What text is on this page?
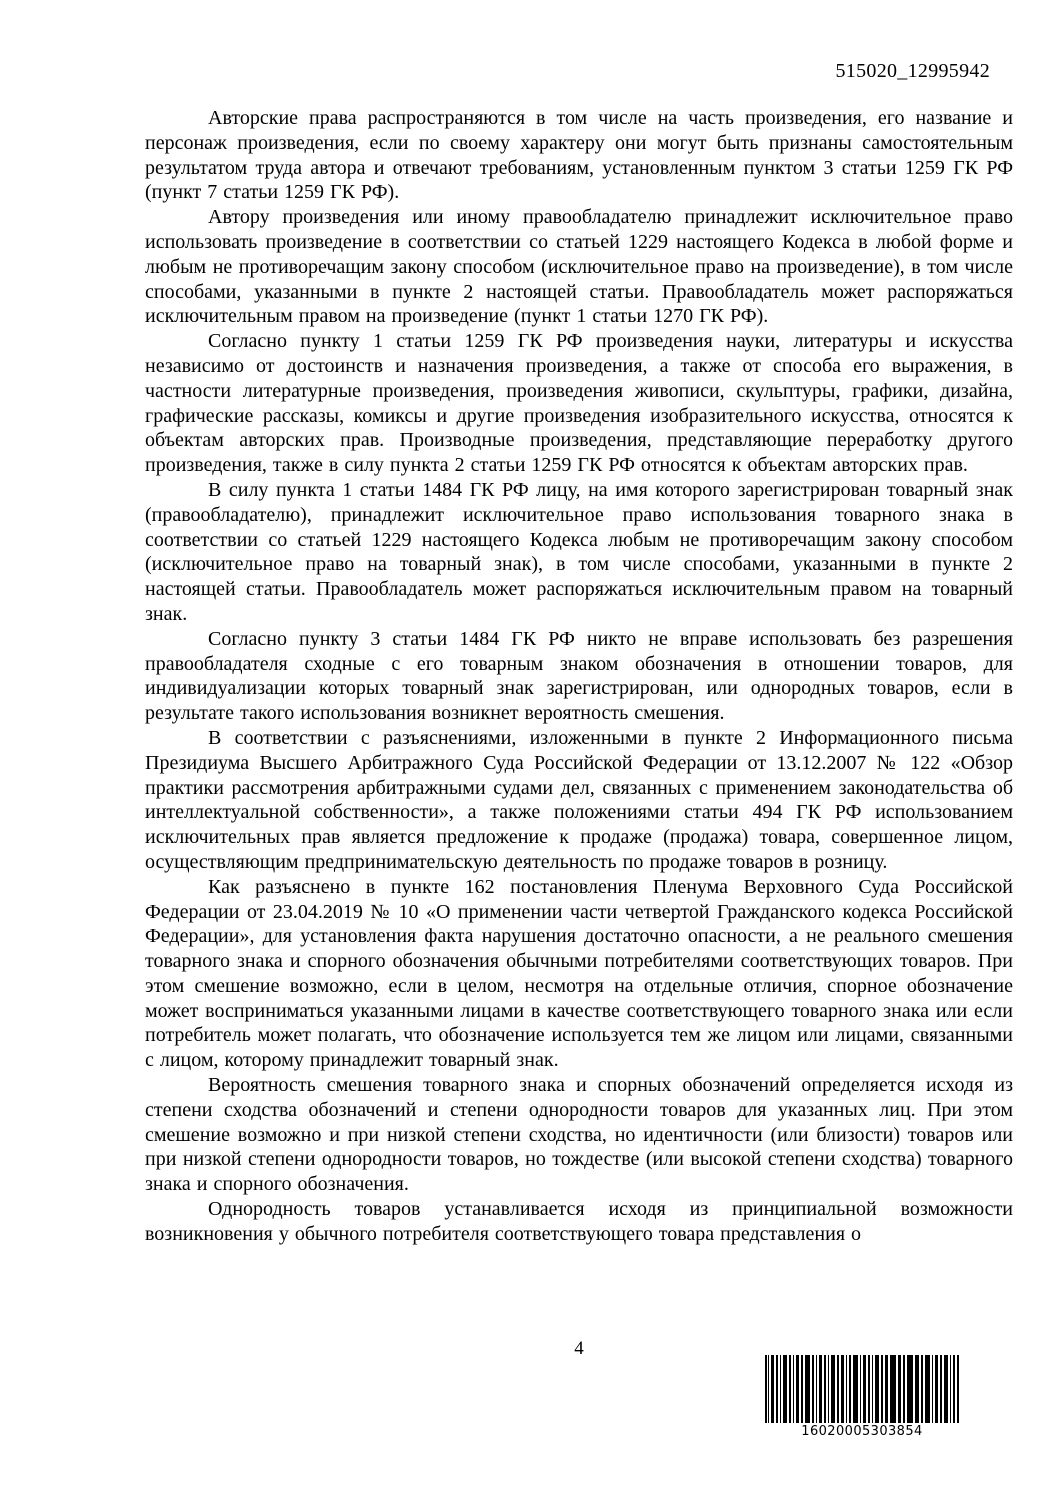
515020_12995942

Авторские права распространяются в том числе на часть произведения, его название и персонаж произведения, если по своему характеру они могут быть признаны самостоятельным результатом труда автора и отвечают требованиям, установленным пунктом 3 статьи 1259 ГК РФ (пункт 7 статьи 1259 ГК РФ).

Автору произведения или иному правообладателю принадлежит исключительное право использовать произведение в соответствии со статьей 1229 настоящего Кодекса в любой форме и любым не противоречащим закону способом (исключительное право на произведение), в том числе способами, указанными в пункте 2 настоящей статьи. Правообладатель может распоряжаться исключительным правом на произведение (пункт 1 статьи 1270 ГК РФ).

Согласно пункту 1 статьи 1259 ГК РФ произведения науки, литературы и искусства независимо от достоинств и назначения произведения, а также от способа его выражения, в частности литературные произведения, произведения живописи, скульптуры, графики, дизайна, графические рассказы, комиксы и другие произведения изобразительного искусства, относятся к объектам авторских прав. Производные произведения, представляющие переработку другого произведения, также в силу пункта 2 статьи 1259 ГК РФ относятся к объектам авторских прав.

В силу пункта 1 статьи 1484 ГК РФ лицу, на имя которого зарегистрирован товарный знак (правообладателю), принадлежит исключительное право использования товарного знака в соответствии со статьей 1229 настоящего Кодекса любым не противоречащим закону способом (исключительное право на товарный знак), в том числе способами, указанными в пункте 2 настоящей статьи. Правообладатель может распоряжаться исключительным правом на товарный знак.

Согласно пункту 3 статьи 1484 ГК РФ никто не вправе использовать без разрешения правообладателя сходные с его товарным знаком обозначения в отношении товаров, для индивидуализации которых товарный знак зарегистрирован, или однородных товаров, если в результате такого использования возникнет вероятность смешения.

В соответствии с разъяснениями, изложенными в пункте 2 Информационного письма Президиума Высшего Арбитражного Суда Российской Федерации от 13.12.2007 № 122 «Обзор практики рассмотрения арбитражными судами дел, связанных с применением законодательства об интеллектуальной собственности», а также положениями статьи 494 ГК РФ использованием исключительных прав является предложение к продаже (продажа) товара, совершенное лицом, осуществляющим предпринимательскую деятельность по продаже товаров в розницу.

Как разъяснено в пункте 162 постановления Пленума Верховного Суда Российской Федерации от 23.04.2019 № 10 «О применении части четвертой Гражданского кодекса Российской Федерации», для установления факта нарушения достаточно опасности, а не реального смешения товарного знака и спорного обозначения обычными потребителями соответствующих товаров. При этом смешение возможно, если в целом, несмотря на отдельные отличия, спорное обозначение может восприниматься указанными лицами в качестве соответствующего товарного знака или если потребитель может полагать, что обозначение используется тем же лицом или лицами, связанными с лицом, которому принадлежит товарный знак.

Вероятность смешения товарного знака и спорных обозначений определяется исходя из степени сходства обозначений и степени однородности товаров для указанных лиц. При этом смешение возможно и при низкой степени сходства, но идентичности (или близости) товаров или при низкой степени однородности товаров, но тождестве (или высокой степени сходства) товарного знака и спорного обозначения.

Однородность товаров устанавливается исходя из принципиальной возможности возникновения у обычного потребителя соответствующего товара представления о

4
16020005303854
